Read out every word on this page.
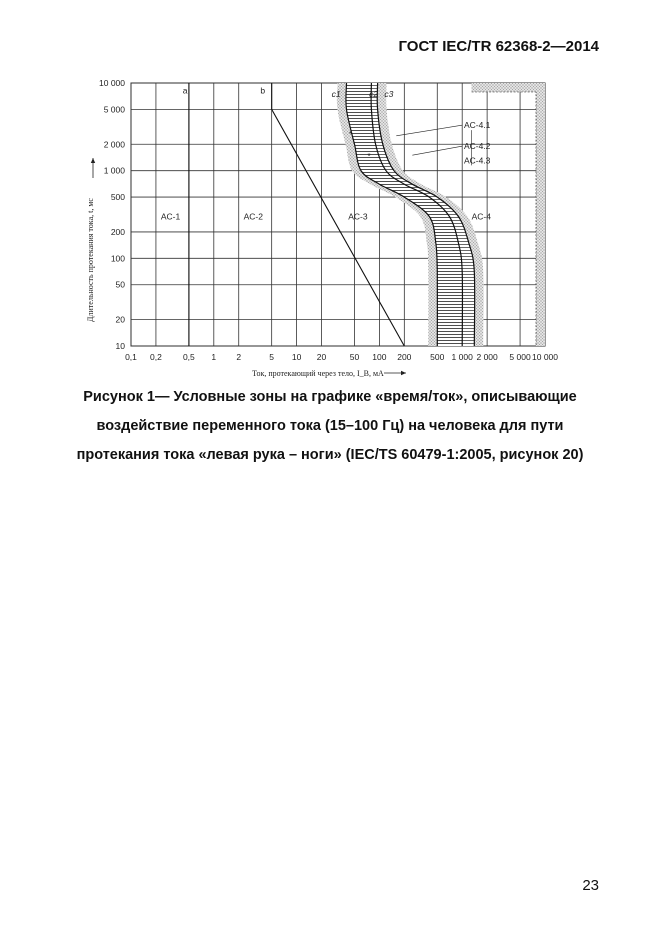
ГОСТ IEC/TR 62368-2—2014
0,1 0,2 0,5 1 2	5 10 20	50 100 200 500 1 000 2 000 5 000 10 000
10
20
50
100
200
500
1 000
2 000
5 000
10 000
Ток, протекающий через тело, I_B, мА
Длительность протекания тока, t, мс
a	b	c1	c2 c3
AC-1	AC-2	AC-3	AC-4
AC-4.1
AC-4.2
AC-4.3
*
*
Рисунок 1— Условные зоны на графике «время/ток», описывающие воздействие переменного тока (15–100 Гц) на человека для пути протекания тока «левая рука – ноги» (IEC/TS 60479-1:2005, рисунок 20)
23
